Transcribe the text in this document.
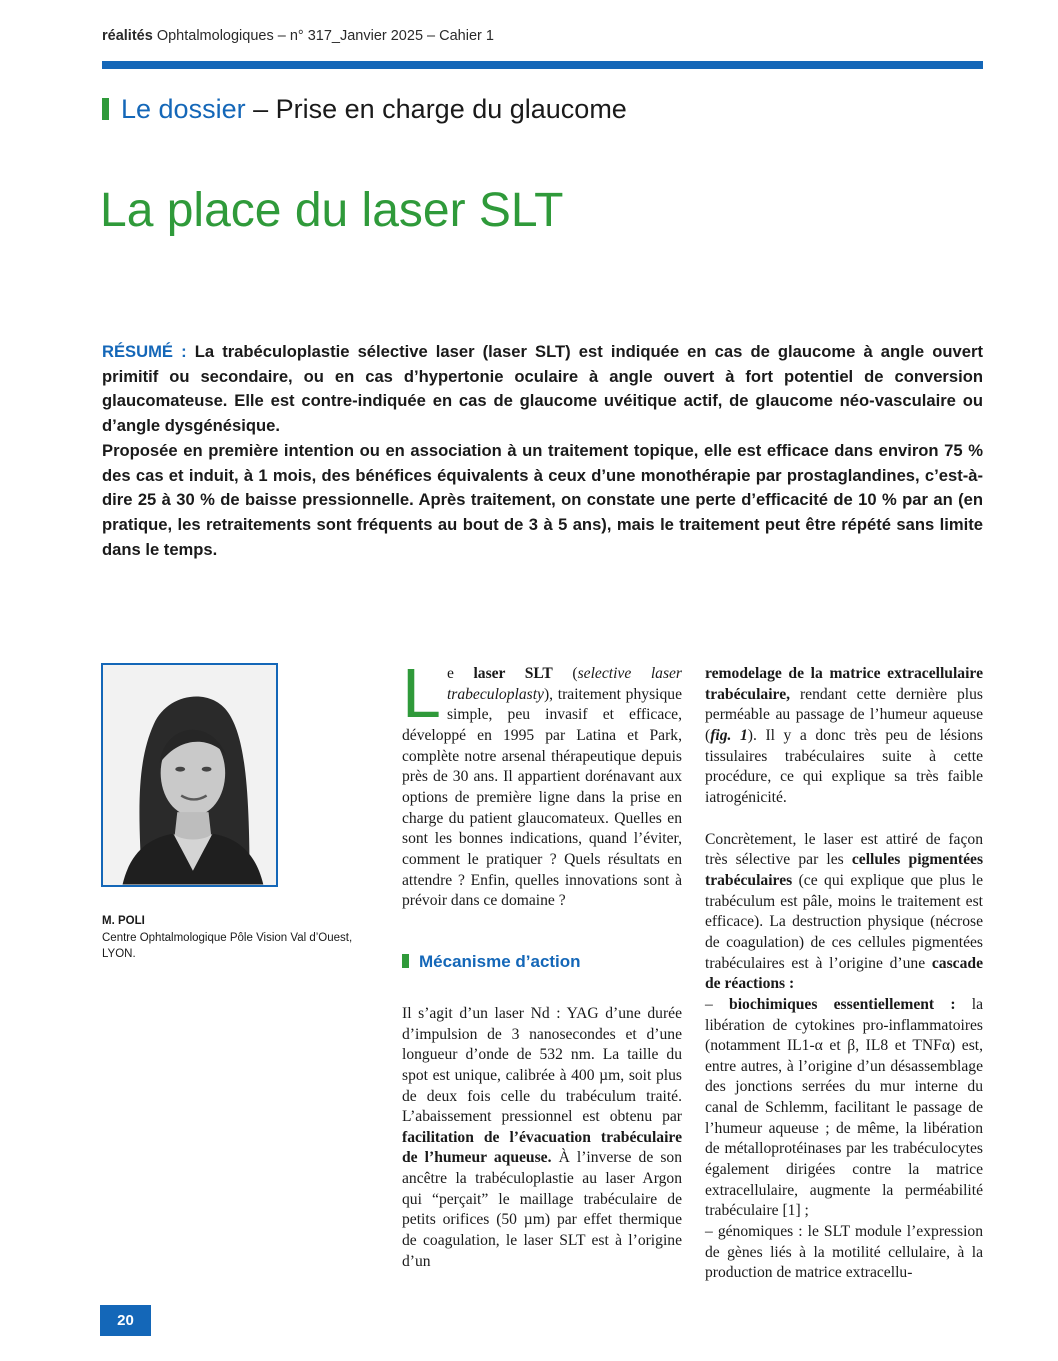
réalités Ophtalmologiques – n° 317_Janvier 2025 – Cahier 1
Le dossier – Prise en charge du glaucome
La place du laser SLT

RÉSUMÉ : La trabéculoplastie sélective laser (laser SLT) est indiquée en cas de glaucome à angle ouvert primitif ou secondaire, ou en cas d’hypertonie oculaire à angle ouvert à fort potentiel de conversion glaucomateuse. Elle est contre-indiquée en cas de glaucome uvéitique actif, de glaucome néo-vasculaire ou d’angle dysgénésique.

Proposée en première intention ou en association à un traitement topique, elle est efficace dans environ 75 % des cas et induit, à 1 mois, des bénéfices équivalents à ceux d’une monothérapie par prostaglandines, c’est-à-dire 25 à 30 % de baisse pressionnelle. Après traitement, on constate une perte d’efficacité de 10 % par an (en pratique, les retraitements sont fréquents au bout de 3 à 5 ans), mais le traitement peut être répété sans limite dans le temps.

M. POLI
Centre Ophtalmologique Pôle Vision Val d’Ouest, LYON.

Le laser SLT (selective laser trabeculoplasty), traitement physique simple, peu invasif et efficace, développé en 1995 par Latina et Park, complète notre arsenal thérapeutique depuis près de 30 ans. Il appartient dorénavant aux options de première ligne dans la prise en charge du patient glaucomateux. Quelles en sont les bonnes indications, quand l’éviter, comment le pratiquer ? Quels résultats en attendre ? Enfin, quelles innovations sont à prévoir dans ce domaine ?

Mécanisme d’action

Il s’agit d’un laser Nd : YAG d’une durée d’impulsion de 3 nanosecondes et d’une longueur d’onde de 532 nm. La taille du spot est unique, calibrée à 400 µm, soit plus de deux fois celle du trabéculum traité. L’abaissement pressionnel est obtenu par facilitation de l’évacuation trabéculaire de l’humeur aqueuse. À l’inverse de son ancêtre la trabéculoplastie au laser Argon qui “perçait” le maillage trabéculaire de petits orifices (50 µm) par effet thermique de coagulation, le laser SLT est à l’origine d’un

remodelage de la matrice extracellulaire trabéculaire, rendant cette dernière plus perméable au passage de l’humeur aqueuse (fig. 1). Il y a donc très peu de lésions tissulaires trabéculaires suite à cette procédure, ce qui explique sa très faible iatrogénicité.

Concrètement, le laser est attiré de façon très sélective par les cellules pigmentées trabéculaires (ce qui explique que plus le trabéculum est pâle, moins le traitement est efficace). La destruction physique (nécrose de coagulation) de ces cellules pigmentées trabéculaires est à l’origine d’une cascade de réactions :

– biochimiques essentiellement : la libération de cytokines pro-inflammatoires (notamment IL1-α et β, IL8 et TNFα) est, entre autres, à l’origine d’un désassemblage des jonctions serrées du mur interne du canal de Schlemm, facilitant le passage de l’humeur aqueuse ; de même, la libération de métalloprotéinases par les trabéculocytes également dirigées contre la matrice extracellulaire, augmente la perméabilité trabéculaire [1] ;

– génomiques : le SLT module l’expression de gènes liés à la motilité cellulaire, à la production de matrice extracellu-

20
